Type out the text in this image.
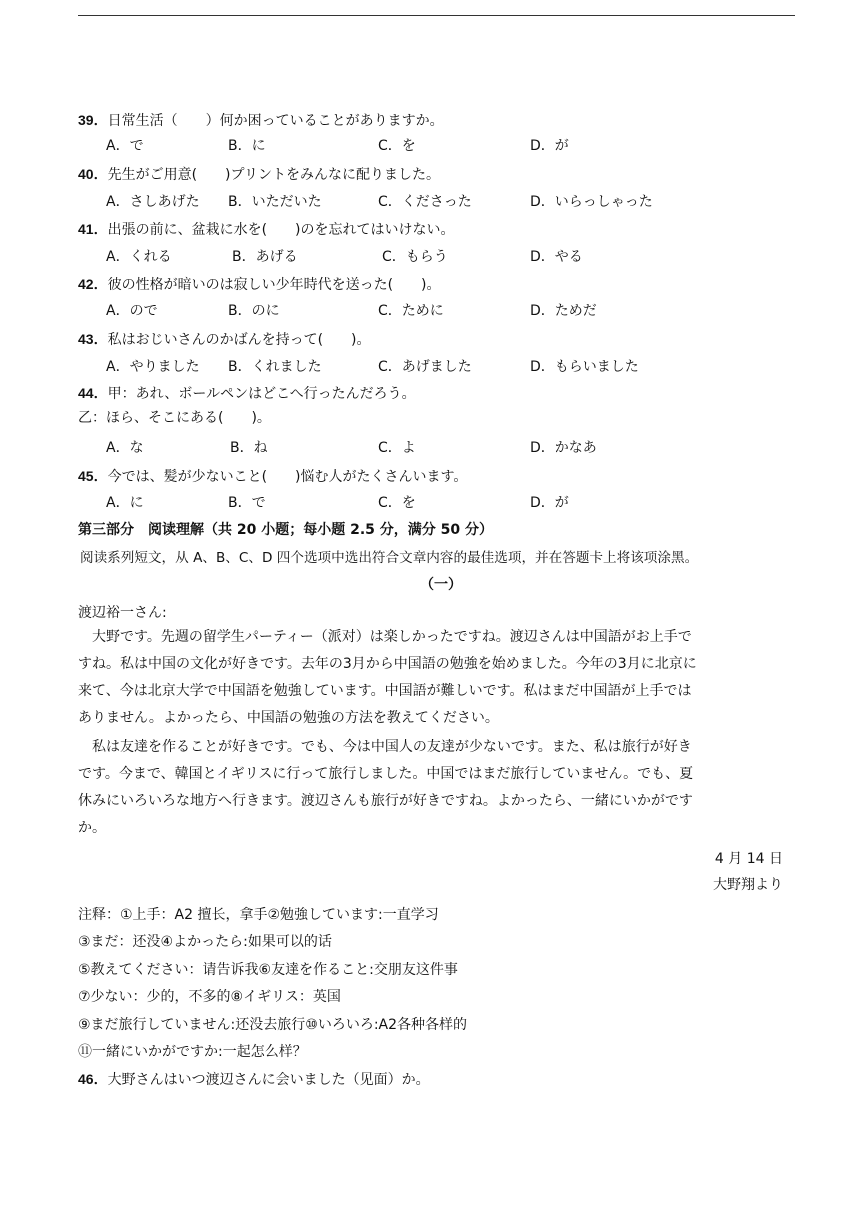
39．日常生活（　　）何か困っていることがありますか。
A．で	B．に	C．を	D．が
40．先生がご用意(　　)プリントをみんなに配りました。
A．さしあげた B．いただいた	C．くださった	D．いらっしゃった
41．出張の前に、盆栽に水を(　　)のを忘れてはいけない。
A．くれる	B．あげる	C．もらう	D．やる
42．彼の性格が暗いのは寂しい少年時代を送った(　　)。
A．ので	B．のに	C．ために	D．ためだ
43．私はおじいさんのかばんを持って(　　)。
A．やりました B．くれました	C．あげました	D．もらいました
44．甲：あれ、ボールペンはどこへ行ったんだろう。
乙：ほら、そこにある(　　)。
A．な	B．ね	C．よ	D．かなあ
45．今では、髪が少ないこと(　　)悩む人がたくさんいます。
A．に	B．で	C．を	D．が
第三部分　阅读理解（共 20 小题；每小题 2.5 分，满分 50 分）
阅读系列短文，从 A、B、C、D 四个选项中选出符合文章内容的最佳选项，并在答题卡上将该项涂黑。
（一）
渡辺裕一さん:
　大野です。先週の留学生パーティー（派对）は楽しかったですね。渡辺さんは中国語がお上手で
すね。私は中国の文化が好きです。去年の3月から中国語の勉強を始めました。今年の3月に北京に
来て、今は北京大学で中国語を勉強しています。中国語が難しいです。私はまだ中国語が上手では
ありません。よかったら、中国語の勉強の方法を教えてください。
　私は友達を作ることが好きです。でも、今は中国人の友達が少ないです。また、私は旅行が好き
です。今まで、韓国とイギリスに行って旅行しました。中国ではまだ旅行していません。でも、夏
休みにいろいろな地方へ行きます。渡辺さんも旅行が好きですね。よかったら、一緒にいかがです
か。
4 月 14 日
大野翔より
注释：①上手：A2 擅长，拿手②勉強しています:一直学习
③まだ：还没④よかったら:如果可以的话
⑤教えてください：请告诉我⑥友達を作ること:交朋友这件事
⑦少ない：少的，不多的⑧イギリス：英国
⑨まだ旅行していません:还没去旅行⑩いろいろ:A2各种各样的
⑪一緒にいかがですか:一起怎么样？
46．大野さんはいつ渡辺さんに会いました（见面）か。
